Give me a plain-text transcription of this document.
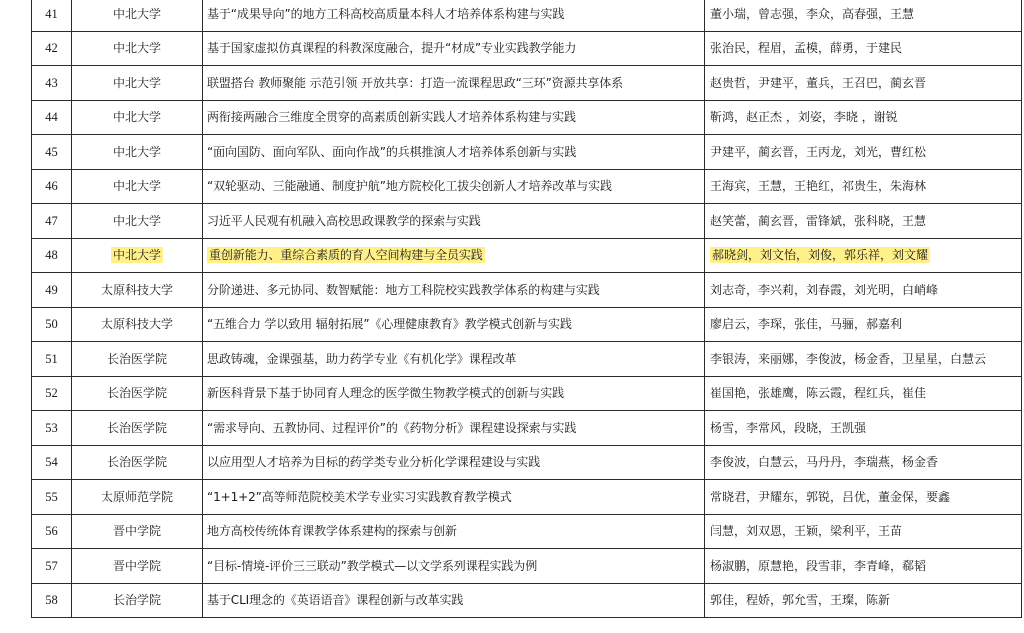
41	中北大学	基于“成果导向”的地方工科高校高质量本科人才培养体系构建与实践	董小瑞，曾志强，李众，高春强，王慧
42	中北大学	基于国家虚拟仿真课程的科教深度融合，提升“材成”专业实践教学能力	张治民，程眉，孟模，薛勇，于建民
43	中北大学	联盟搭台 教师聚能 示范引领 开放共享：打造一流课程思政“三环”资源共享体系	赵贵哲，尹建平，董兵，王召巴，蔺玄晋
44	中北大学	两衔接两融合三维度全贯穿的高素质创新实践人才培养体系构建与实践	靳鸿，赵正杰 ，刘姿，李晓 ，谢锐
45	中北大学	“面向国防、面向军队、面向作战”的兵棋推演人才培养体系创新与实践	尹建平，蔺玄晋，王丙龙，刘光，曹红松
46	中北大学	“双轮驱动、三能融通、制度护航”地方院校化工拔尖创新人才培养改革与实践	王海宾，王慧，王艳红，祁贵生，朱海林
47	中北大学	习近平人民观有机融入高校思政课教学的探索与实践	赵笑蕾，蔺玄晋，雷锋斌，张科晓，王慧
48	中北大学	重创新能力、重综合素质的育人空间构建与全员实践	郝晓剑，刘文怡，刘俊，郭乐祥，刘文耀
49	太原科技大学	分阶递进、多元协同、数智赋能：地方工科院校实践教学体系的构建与实践	刘志奇，李兴莉，刘春霞，刘光明，白峭峰
50	太原科技大学	“五维合力 学以致用 辐射拓展”《心理健康教育》教学模式创新与实践	廖启云，李琛，张佳，马骊，郝嘉利
51	长治医学院	思政铸魂，金课强基，助力药学专业《有机化学》课程改革	李银涛，来丽娜，李俊波，杨金香，卫星星，白慧云
52	长治医学院	新医科背景下基于协同育人理念的医学微生物教学模式的创新与实践	崔国艳，张雄鹰，陈云霞，程红兵，崔佳
53	长治医学院	“需求导向、五教协同、过程评价”的《药物分析》课程建设探索与实践	杨雪，李常风，段晓，王凯强
54	长治医学院	以应用型人才培养为目标的药学类专业分析化学课程建设与实践	李俊波，白慧云，马丹丹，李瑞燕，杨金香
55	太原师范学院	“1+1+2”高等师范院校美术学专业实习实践教育教学模式	常晓君，尹耀东，郭锐，吕优，董金保，要鑫
56	晋中学院	地方高校传统体育课教学体系建构的探索与创新	闫慧，刘双恩，王颖，梁利平，王苗
57	晋中学院	“目标-情境-评价三三联动”教学模式—以文学系列课程实践为例	杨淑鹏，原慧艳，段雪菲，李青峰，郗韬
58	长治学院	基于CLI理念的《英语语音》课程创新与改革实践	郭佳，程娇，郭允雪，王璨，陈新
